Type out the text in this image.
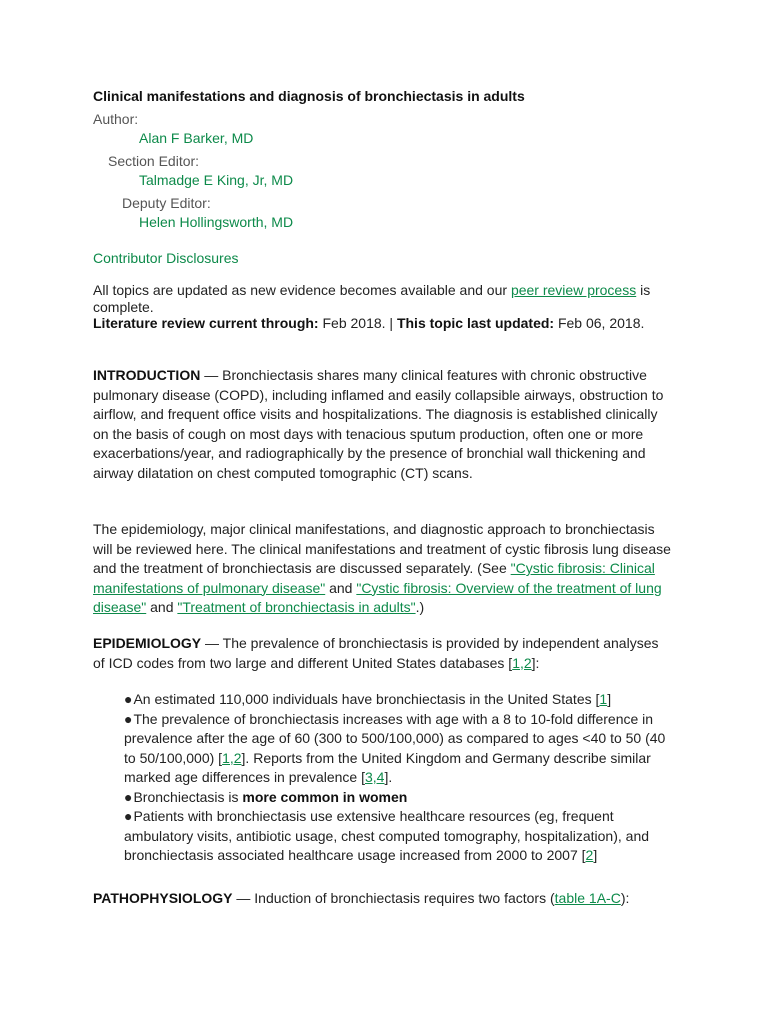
Clinical manifestations and diagnosis of bronchiectasis in adults
Author:
Alan F Barker, MD
Section Editor:
Talmadge E King, Jr, MD
Deputy Editor:
Helen Hollingsworth, MD
Contributor Disclosures
All topics are updated as new evidence becomes available and our peer review process is complete.
Literature review current through: Feb 2018. | This topic last updated: Feb 06, 2018.
INTRODUCTION — Bronchiectasis shares many clinical features with chronic obstructive pulmonary disease (COPD), including inflamed and easily collapsible airways, obstruction to airflow, and frequent office visits and hospitalizations. The diagnosis is established clinically on the basis of cough on most days with tenacious sputum production, often one or more exacerbations/year, and radiographically by the presence of bronchial wall thickening and airway dilatation on chest computed tomographic (CT) scans.
The epidemiology, major clinical manifestations, and diagnostic approach to bronchiectasis will be reviewed here. The clinical manifestations and treatment of cystic fibrosis lung disease and the treatment of bronchiectasis are discussed separately. (See "Cystic fibrosis: Clinical manifestations of pulmonary disease" and "Cystic fibrosis: Overview of the treatment of lung disease" and "Treatment of bronchiectasis in adults".)
EPIDEMIOLOGY — The prevalence of bronchiectasis is provided by independent analyses of ICD codes from two large and different United States databases [1,2]:
●An estimated 110,000 individuals have bronchiectasis in the United States [1]
●The prevalence of bronchiectasis increases with age with a 8 to 10-fold difference in prevalence after the age of 60 (300 to 500/100,000) as compared to ages <40 to 50 (40 to 50/100,000) [1,2]. Reports from the United Kingdom and Germany describe similar marked age differences in prevalence [3,4].
●Bronchiectasis is more common in women
●Patients with bronchiectasis use extensive healthcare resources (eg, frequent ambulatory visits, antibiotic usage, chest computed tomography, hospitalization), and bronchiectasis associated healthcare usage increased from 2000 to 2007 [2]
PATHOPHYSIOLOGY — Induction of bronchiectasis requires two factors (table 1A-C):
